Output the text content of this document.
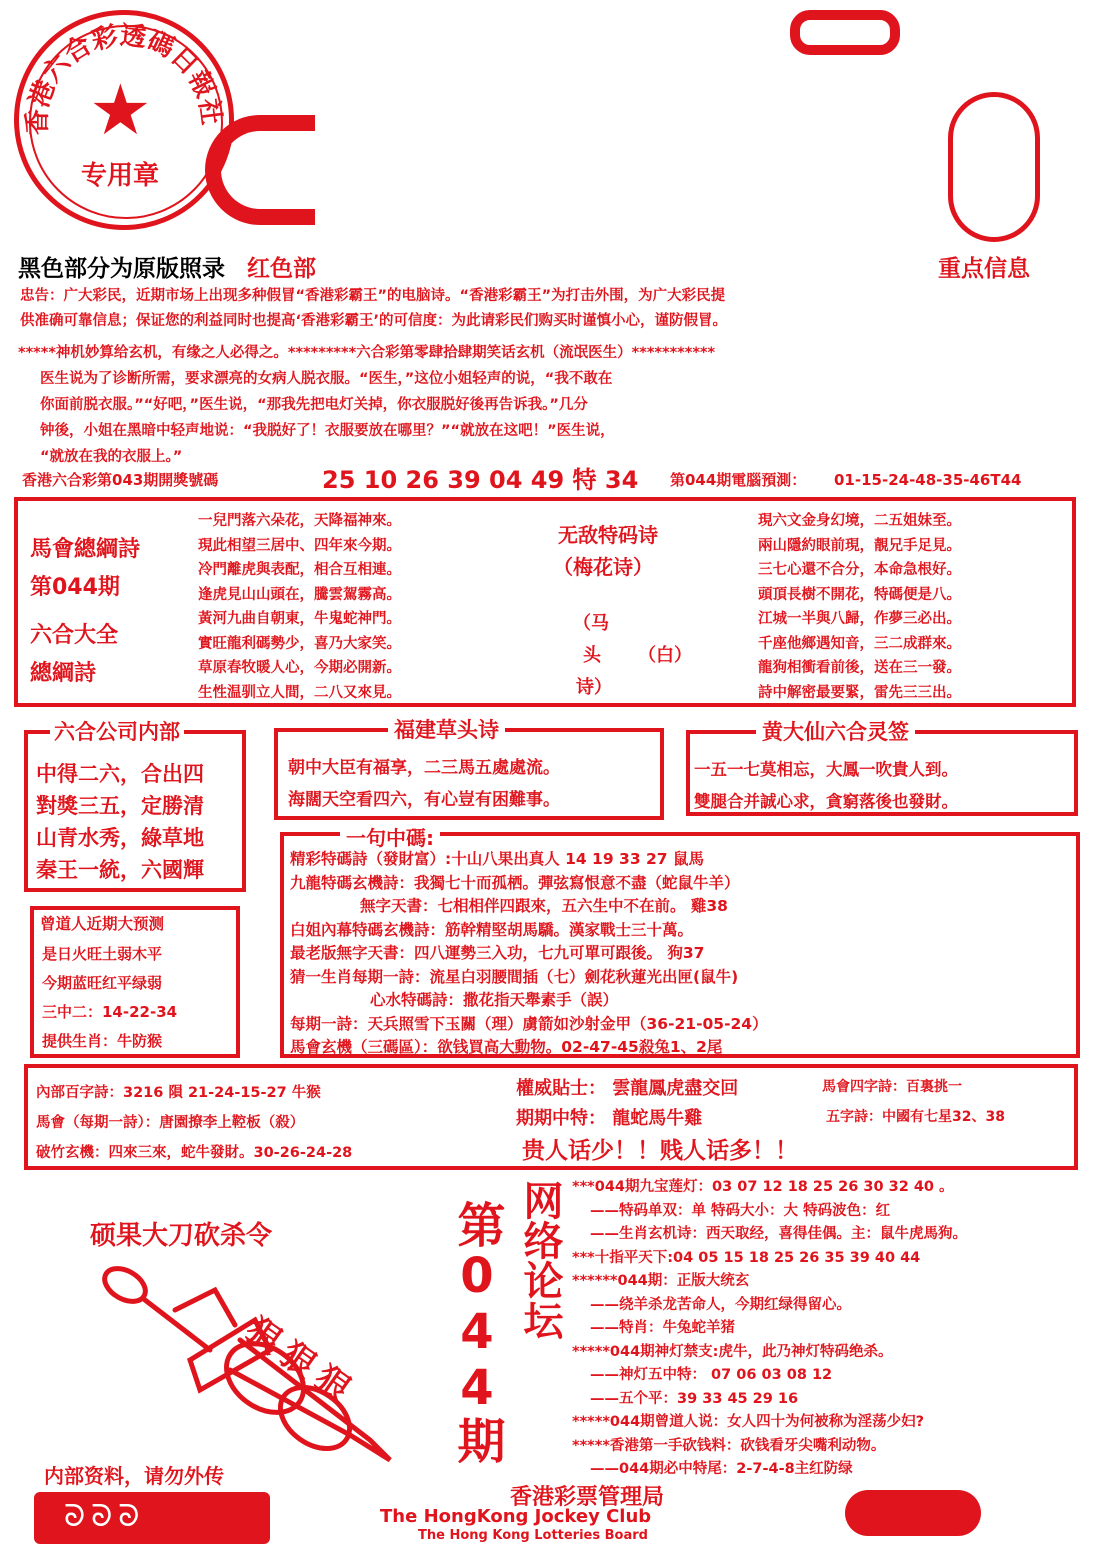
香港六合彩透碼日報社
★
专用章
黑色部分为原版照录 红色部	重点信息
忠告：广大彩民，近期市场上出现多种假冒“香港彩霸王”的电脑诗。“香港彩霸王”为打击外围，为广大彩民提
供准确可靠信息；保证您的利益同时也提高‘香港彩霸王’的可信度：为此请彩民们购买时谨慎小心，谨防假冒。
*****神机妙算给玄机，有缘之人必得之。*********六合彩第零肆拾肆期笑话玄机（流氓医生）***********
医生说为了诊断所需，要求漂亮的女病人脱衣服。“医生，”这位小姐轻声的说，“我不敢在
你面前脱衣服。”“好吧，”医生说，“那我先把电灯关掉，你衣服脱好後再告诉我。”几分
钟後，小姐在黑暗中轻声地说：“我脱好了！衣服要放在哪里？”“就放在这吧！”医生说，
“就放在我的衣服上。”
香港六合彩第043期開獎號碼	25 10 26 39 04 49 特 34 第044期電腦預測： 01-15-24-48-35-46T44
馬會總綱詩
第044期
六合大全
總綱詩
一兒門落六朵花，天降福神來。
現此相望三居中、四年來今期。
冷門離虎與表配，相合互相連。
逢虎見山山頭在，騰雲駕霧高。
黃河九曲自朝東，牛鬼蛇神門。
實旺龍利碼勢少，喜乃大家笑。
草原春牧暖人心，今期必開新。
生性温驯立人間，二八又來見。
无敌特码诗
（梅花诗）
（马
头
诗）
（白）
現六文金身幻境，二五姐妹至。
兩山隱約眼前現，靚兄手足見。
三七心還不合分，本命急根好。
頭頂長樹不開花，特碼便是八。
江城一半與八歸，作夢三必出。
千座他鄉遇知音，三二成群來。
龍狗相衝看前後，送在三一發。
詩中解密最要緊，雷先三三出。
六合公司内部
中得二六，合出四
對獎三五，定勝清
山青水秀，綠草地
秦王一統，六國輝
福建草头诗
朝中大臣有福享，二三馬五處處流。
海闊天空看四六，有心豈有困難事。
黄大仙六合灵签
一五一七莫相忘，大鳳一吹貴人到。
雙腿合并誠心求，貪窮落後也發財。
曾道人近期大预测
是日火旺土弱木平
今期蓝旺红平绿弱
三中二：14-22-34
提供生肖：牛防猴
一句中碼:
精彩特碼詩（發財富）:十山八果出真人 14 19 33 27 鼠馬
九龍特碼玄機詩：我獨七十而孤栖。彈弦寫恨意不盡（蛇鼠牛羊）
無字天書：七相相伴四跟來，五六生中不在前。 雞38
白姐內幕特碼玄機詩：筋幹精堅胡馬驕。漢家戰士三十萬。
最老版無字天書：四八運勢三入功，七九可單可跟後。 狗37
猜一生肖每期一詩：流星白羽腰間插（七）劍花秋蓮光出匣(鼠牛)
心水特碼詩：撒花指天舉素手（誤）
每期一詩：天兵照雪下玉關（理）虜箭如沙射金甲（36-21-05-24）
馬會玄機（三碼區）：欲钱買高大動物。02-47-45殺兔1、2尾
內部百字詩：3216 隕 21-24-15-27 牛猴
馬會（每期一詩）：唐園撩李上鞚板（殺）
破竹玄機：四來三來，蛇牛發財。30-26-24-28
權威貼士： 雲龍鳳虎盡交回
期期中特： 龍蛇馬牛雞
馬會四字詩：百裏挑一
五字詩：中國有七星32、38
贵人话少！！贱人话多！！
硕果大刀砍杀令
狠狠狠
内部资料，请勿外传
ᘐᘐᘐ
香港彩票管理局
The HongKong Jockey Club
The Hong Kong Lotteries Board
第044期 网络论坛 ***044期九宝莲灯：03 07 12 18 25 26 30 32 40 。
——特码单双：单 特码大小：大 特码波色：红
——生肖玄机诗：西天取经，喜得佳偶。主：鼠牛虎馬狗。
***十指平天下:04 05 15 18 25 26 35 39 40 44
******044期：正版大统玄
——绕羊杀龙苦命人，今期红绿得留心。
——特肖：牛兔蛇羊猪
*****044期神灯禁支:虎牛，此乃神灯特码绝杀。
——神灯五中特： 07 06 03 08 12
——五个平：39 33 45 29 16
*****044期曾道人说：女人四十为何被称为淫荡少妇?
*****香港第一手砍钱料：砍钱看牙尖嘴利动物。
——044期必中特尾：2-7-4-8主红防绿
